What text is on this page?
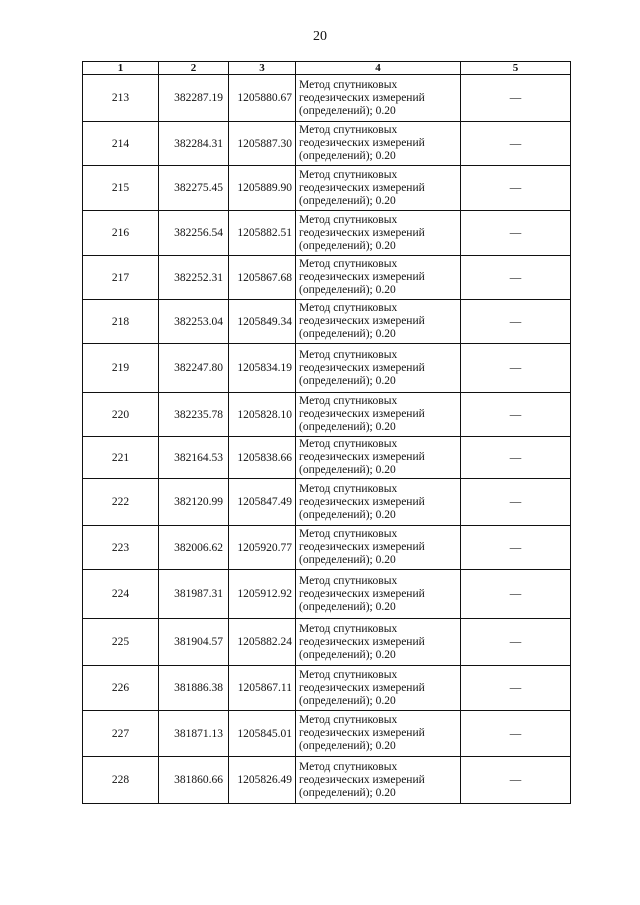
20
1	2	3	4	5
213	382287.19	1205880.67	Метод спутниковых
геодезических измерений
(определений); 0.20	—
214	382284.31	1205887.30	Метод спутниковых
геодезических измерений
(определений); 0.20	—
215	382275.45	1205889.90	Метод спутниковых
геодезических измерений
(определений); 0.20	—
216	382256.54	1205882.51	Метод спутниковых
геодезических измерений
(определений); 0.20	—
217	382252.31	1205867.68	Метод спутниковых
геодезических измерений
(определений); 0.20	—
218	382253.04	1205849.34	Метод спутниковых
геодезических измерений
(определений); 0.20	—
219	382247.80	1205834.19	Метод спутниковых
геодезических измерений
(определений); 0.20	—
220	382235.78	1205828.10	Метод спутниковых
геодезических измерений
(определений); 0.20	—
221	382164.53	1205838.66	Метод спутниковых
геодезических измерений
(определений); 0.20	—
222	382120.99	1205847.49	Метод спутниковых
геодезических измерений
(определений); 0.20	—
223	382006.62	1205920.77	Метод спутниковых
геодезических измерений
(определений); 0.20	—
224	381987.31	1205912.92	Метод спутниковых
геодезических измерений
(определений); 0.20	—
225	381904.57	1205882.24	Метод спутниковых
геодезических измерений
(определений); 0.20	—
226	381886.38	1205867.11	Метод спутниковых
геодезических измерений
(определений); 0.20	—
227	381871.13	1205845.01	Метод спутниковых
геодезических измерений
(определений); 0.20	—
228	381860.66	1205826.49	Метод спутниковых
геодезических измерений
(определений); 0.20	—
